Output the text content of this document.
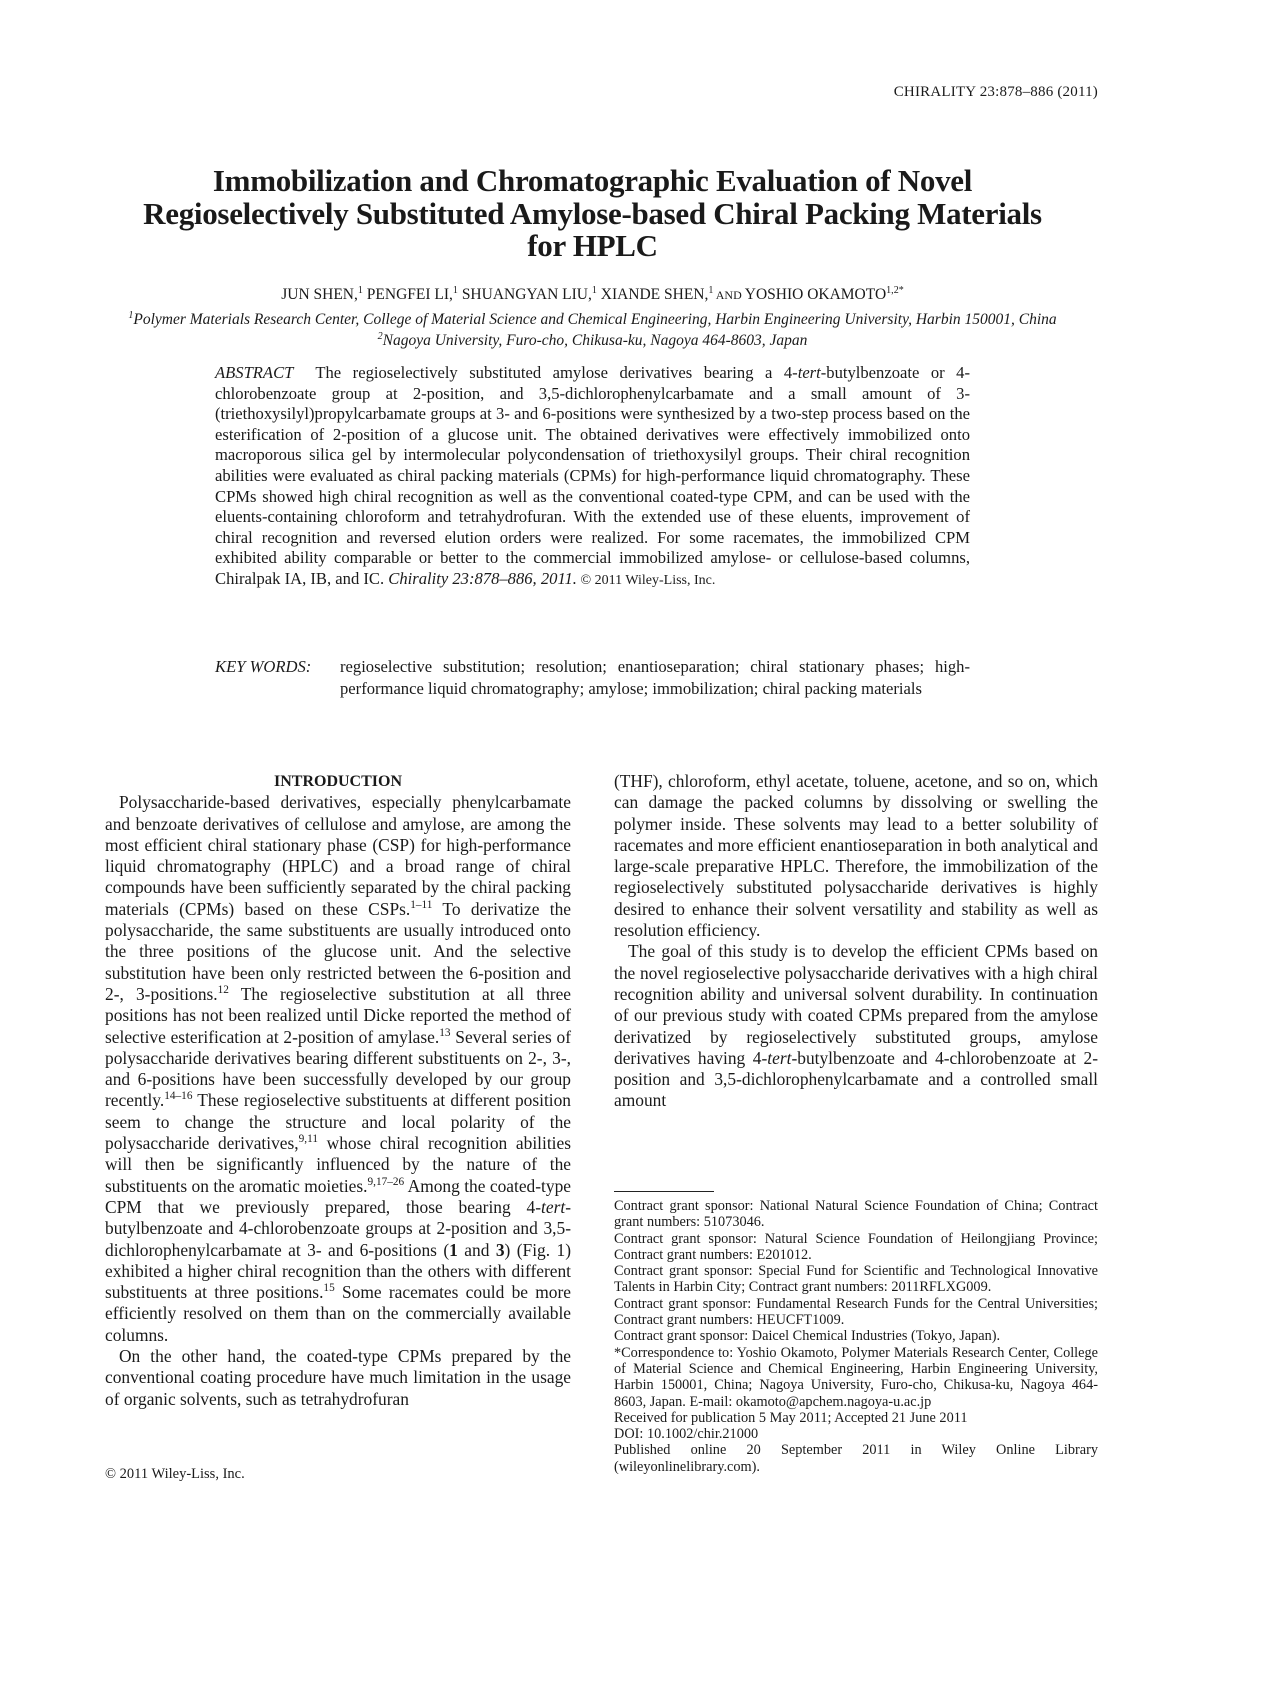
CHIRALITY 23:878–886 (2011)
Immobilization and Chromatographic Evaluation of Novel
Regioselectively Substituted Amylose-based Chiral Packing Materials
for HPLC
JUN SHEN,$^1$ PENGFEI LI,$^1$ SHUANGYAN LIU,$^1$ XIANDE SHEN,$^1$ AND YOSHIO $OKAMOTO^{1,2*}$
$^1$Polymer Materials Research Center, College of Material Science and Chemical Engineering, Harbin Engineering University, Harbin 150001, China
$^2$Nagoya University, Furo-cho, Chikusa-ku, Nagoya 464-8603, Japan
ABSTRACT The regioselectively substituted amylose derivatives bearing a 4-tert-butylbenzoate or 4-chlorobenzoate group at 2-position, and 3,5-dichlorophenylcarbamate and a small amount of 3-(triethoxysilyl)propylcarbamate groups at 3- and 6-positions were synthesized by a two-step process based on the esterification of 2-position of a glucose unit. The obtained derivatives were effectively immobilized onto macroporous silica gel by intermolecular polycondensation of triethoxysilyl groups. Their chiral recognition abilities were evaluated as chiral packing materials (CPMs) for high-performance liquid chromatography. These CPMs showed high chiral recognition as well as the conventional coated-type CPM, and can be used with the eluents-containing chloroform and tetrahydrofuran. With the extended use of these eluents, improvement of chiral recognition and reversed elution orders were realized. For some racemates, the immobilized CPM exhibited ability comparable or better to the commercial immobilized amylose- or cellulose-based columns, Chiralpak IA, IB, and IC. Chirality 23:878–886, 2011. © 2011 Wiley-Liss, Inc.
KEY WORDS:	regioselective substitution; resolution; enantioseparation; chiral stationary phases; high-performance liquid chromatography; amylose; immobilization; chiral packing materials
INTRODUCTION

Polysaccharide-based derivatives, especially phenylcarbamate and benzoate derivatives of cellulose and amylose, are among the most efficient chiral stationary phase (CSP) for high-performance liquid chromatography (HPLC) and a broad range of chiral compounds have been sufficiently separated by the chiral packing materials (CPMs) based on these CSPs.$^{1-11}$ To derivatize the polysaccharide, the same substituents are usually introduced onto the three positions of the glucose unit. And the selective substitution have been only restricted between the 6-position and 2-, 3-positions.$^{12}$ The regioselective substitution at all three positions has not been realized until Dicke reported the method of selective esterification at 2-position of amylase.$^{13}$ Several series of polysaccharide derivatives bearing different substituents on 2-, 3-, and 6-positions have been successfully developed by our group recently.$^{14-16}$ These regioselective substituents at different position seem to change the structure and local polarity of the polysaccharide derivatives,$^{9,11}$ whose chiral recognition abilities will then be significantly influenced by the nature of the substituents on the aromatic moieties.$^{9,17-26}$ Among the coated-type CPM that we previously prepared, those bearing 4-tert-butylbenzoate and 4-chlorobenzoate groups at 2-position and 3,5-dichlorophenylcarbamate at 3- and 6-positions (1 and 3) (Fig. 1) exhibited a higher chiral recognition than the others with different substituents at three positions.$^{15}$ Some racemates could be more efficiently resolved on them than on the commercially available columns.

On the other hand, the coated-type CPMs prepared by the conventional coating procedure have much limitation in the usage of organic solvents, such as tetrahydrofuran

(THF), chloroform, ethyl acetate, toluene, acetone, and so on, which can damage the packed columns by dissolving or swelling the polymer inside. These solvents may lead to a better solubility of racemates and more efficient enantioseparation in both analytical and large-scale preparative HPLC. Therefore, the immobilization of the regioselectively substituted polysaccharide derivatives is highly desired to enhance their solvent versatility and stability as well as resolution efficiency.

The goal of this study is to develop the efficient CPMs based on the novel regioselective polysaccharide derivatives with a high chiral recognition ability and universal solvent durability. In continuation of our previous study with coated CPMs prepared from the amylose derivatized by regioselectively substituted groups, amylose derivatives having 4-tert-butylbenzoate and 4-chlorobenzoate at 2-position and 3,5-dichlorophenylcarbamate and a controlled small amount

© 2011 Wiley-Liss, Inc.

Contract grant sponsor: National Natural Science Foundation of China; Contract grant numbers: 51073046.

Contract grant sponsor: Natural Science Foundation of Heilongjiang Province; Contract grant numbers: E201012.

Contract grant sponsor: Special Fund for Scientific and Technological Innovative Talents in Harbin City; Contract grant numbers: 2011RFLXG009.

Contract grant sponsor: Fundamental Research Funds for the Central Universities; Contract grant numbers: HEUCFT1009.

Contract grant sponsor: Daicel Chemical Industries (Tokyo, Japan).

*Correspondence to: Yoshio Okamoto, Polymer Materials Research Center, College of Material Science and Chemical Engineering, Harbin Engineering University, Harbin 150001, China; Nagoya University, Furo-cho, Chikusa-ku, Nagoya 464-8603, Japan. E-mail: okamoto@apchem.nagoya-u.ac.jp

Received for publication 5 May 2011; Accepted 21 June 2011

DOI: 10.1002/chir.21000

Published online 20 September 2011 in Wiley Online Library (wileyonlinelibrary.com).
